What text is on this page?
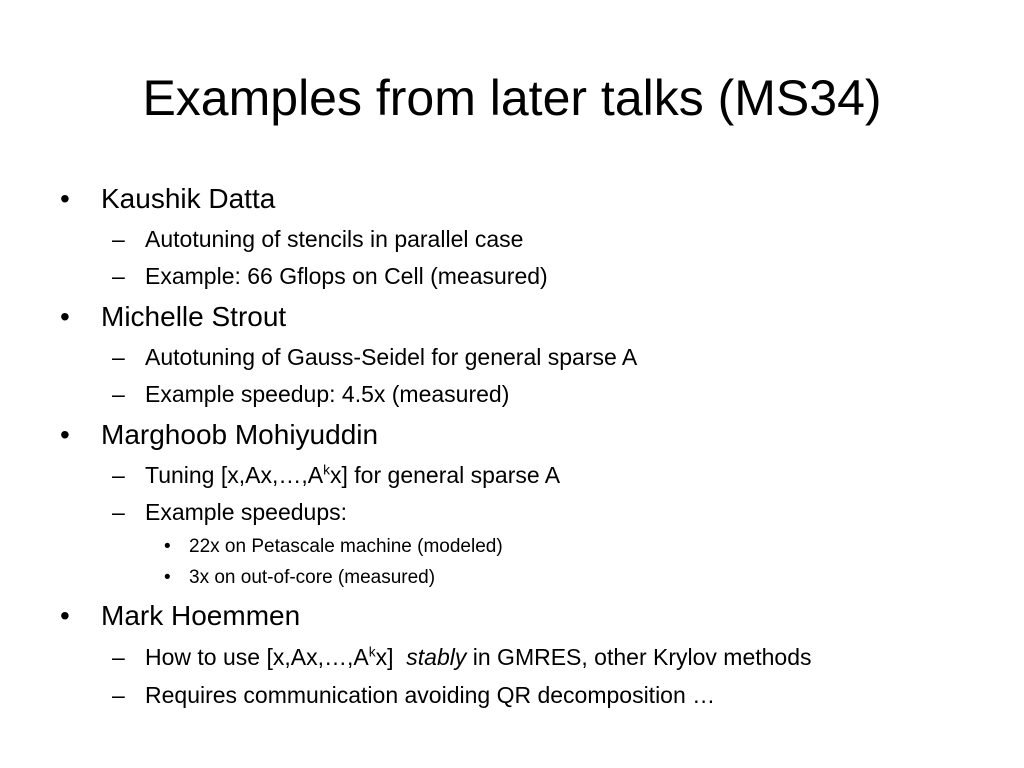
Examples from later talks (MS34)
•	Kaushik Datta
– Autotuning of stencils in parallel case
– Example: 66 Gflops on Cell (measured)
•	Michelle Strout
– Autotuning of Gauss-Seidel for general sparse A
– Example speedup: 4.5x (measured)
•	Marghoob Mohiyuddin
– Tuning $[x,Ax,\dots,A^kx]$ for general sparse A
– Example speedups:
• 22x on Petascale machine (modeled)
• 3x on out-of-core (measured)
•	Mark Hoemmen
– How to use $[x,Ax,\dots,A^kx]$  stably in GMRES, other Krylov methods
– Requires communication avoiding QR decomposition …
